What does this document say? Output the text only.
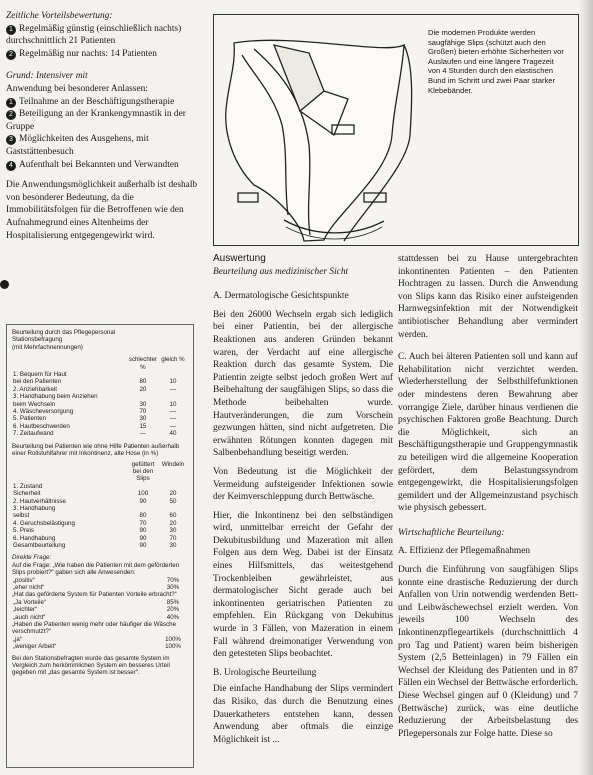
Zeitliche Vorteilsbewertung:

1 Regelmäßig günstig (einschließlich nachts) durchschnittlich 21 Patienten

2 Regelmäßig nur nachts: 14 Patienten

Grund: Intensiver mit

Anwendung bei besonderer Anlassen:

1 Teilnahme an der Beschäftigungstherapie

2 Beteiligung an der Krankengymnastik in der Gruppe

3 Möglichkeiten des Ausgehens, mit Gaststättenbesuch

4 Aufenthalt bei Bekannten und Verwandten

Die Anwendungsmöglichkeit außerhalb ist deshalb von besonderer Bedeutung, da die Immobilitätsfolgen für die Betroffenen wie den Aufnahmegrund eines Altenheims der Hospitalisierung entgegengewirkt wird.

Beurteilung durch das Pflegepersonal

Stationsbefragung

(mit Mehrfachnennungen)

	schlechter %	gleich %
1. Bequem für Haut		
bei den Patienten	80	10
2. Anziehbarkeit	20	—
3. Handhabung beim Anziehen		
beim Wechseln	30	10
4. Wäscheversorgung	70	—
5. Patienten	30	—
6. Hautbeschwerden	15	—
7. Zeitaufwand	—	40

Beurteilung bei Patienten wie ohne Hilfe Patienten außerhalb einer Rollstuhlfahrer mit Inkontinenz, alte Hose (in %)

	gefüttert bei den Slips	Windeln
1. Zustand		
Sicherheit	100	20
2. Hautverhältnisse	90	50
3. Handhabung		
selbst	80	60
4. Geruchsbelästigung	70	20
5. Preis	90	30
6. Handhabung	90	70
Gesamtbeurteilung	90	30

Direkte Frage:

Auf die Frage: „Wie haben die Patienten mit dem geförderten Slips probiert?“ gaben sich alle Anwesenden:

„positiv“	70%
„eher nicht“	30%

„Hat das geförderte System für Patienten Vorteile erbracht?“

„Ja Vorteile“	85%
„leichter“	20%
„auch nicht“	40%

„Haben die Patienten wenig mehr oder häufiger die Wäsche verschmutzt?“

„ja“	100%
„weniger Arbeit“	100%

Bei den Stationsbefragten wurde das gesamte System im Vergleich zum herkömmlichen System ein besseres Urteil gegeben mit „das gesamte System ist besser“.

Die modernen Produkte werden saugfähige Slips (schützt auch den Großen) bieten erhöhte Sicherheiten vor Auslaufen und eine längere Tragezeit von 4 Stunden durch den elastischen Bund im Schritt und zwei Paar starker Klebebänder.

Auswertung

Beurteilung aus medizinischer Sicht

A. Dermatologische Gesichtspunkte

Bei den 26000 Wechseln ergab sich lediglich bei einer Patientin, bei der allergische Reaktionen aus anderen Gründen bekannt waren, der Verdacht auf eine allergische Reaktion durch das gesamte System. Die Patientin zeigte selbst jedoch großen Wert auf Beibehaltung der saugfähigen Slips, so dass die Methode beibehalten wurde. Hautveränderungen, die zum Vorschein gezwungen hätten, sind nicht aufgetreten. Die erwähnten Rötungen konnten dagegen mit Salbenbehandlung beseitigt werden.

Von Bedeutung ist die Möglichkeit der Vermeidung aufsteigender Infektionen sowie der Keimverschleppung durch Bettwäsche.

Hier, die Inkontinenz bei den selbständigen wird, unmittelbar erreicht der Gefahr der Dekubitusbildung und Mazeration mit allen Folgen aus dem Weg. Dabei ist der Einsatz eines Hilfsmittels, das weitestgehend Trockenbleiben gewährleistet, aus dermatologischer Sicht gerade auch bei inkontinenten geriatrischen Patienten zu empfehlen. Ein Rückgang von Dekubitus wurde in 3 Fällen, von Mazeration in einem Fall während dreimonatiger Verwendung von den getesteten Slips beobachtet.

B. Urologische Beurteilung

Die einfache Handhabung der Slips vermindert das Risiko, das durch die Benutzung eines Dauerkatheters entstehen kann, dessen Anwendung aber oftmals die einzige Möglichkeit ist ...

stattdessen bei zu Hause untergebrachten inkontinenten Patienten – den Patienten Hochtragen zu lassen. Durch die Anwendung von Slips kann das Risiko einer aufsteigenden Harnwegsinfektion mit der Notwendigkeit antibiotischer Behandlung aber vermindert werden.

C. Auch bei älteren Patienten soll und kann auf Rehabilitation nicht verzichtet werden. Wiederherstellung der Selbsthilfefunktionen oder mindestens deren Bewahrung aber vorrangige Ziele, darüber hinaus verdienen die psychischen Faktoren große Beachtung. Durch die Möglichkeit, sich an Beschäftigungstherapie und Gruppengymnastik zu beteiligen wird die allgemeine Kooperation gefördert, dem Belastungssyndrom entgegengewirkt, die Hospitalisierungsfolgen gemildert und der Allgemeinzustand psychisch wie physisch gebessert.

Wirtschaftliche Beurteilung:

A. Effizienz der Pflegemaßnahmen

Durch die Einführung von saugfähigen Slips konnte eine drastische Reduzierung der durch Anfallen von Urin notwendig werdenden Bett- und Leibwäschewechsel erzielt werden. Von jeweils 100 Wechseln des Inkontinenzpflegeartikels (durchschnittlich 4 pro Tag und Patient) waren beim bisherigen System (2,5 Betteinlagen) in 79 Fällen ein Wechsel der Kleidung des Patienten und in 87 Fällen ein Wechsel der Bettwäsche erforderlich. Diese Wechsel gingen auf 0 (Kleidung) und 7 (Bettwäsche) zurück, was eine deutliche Reduzierung der Arbeitsbelastung des Pflegepersonals zur Folge hatte. Diese so
